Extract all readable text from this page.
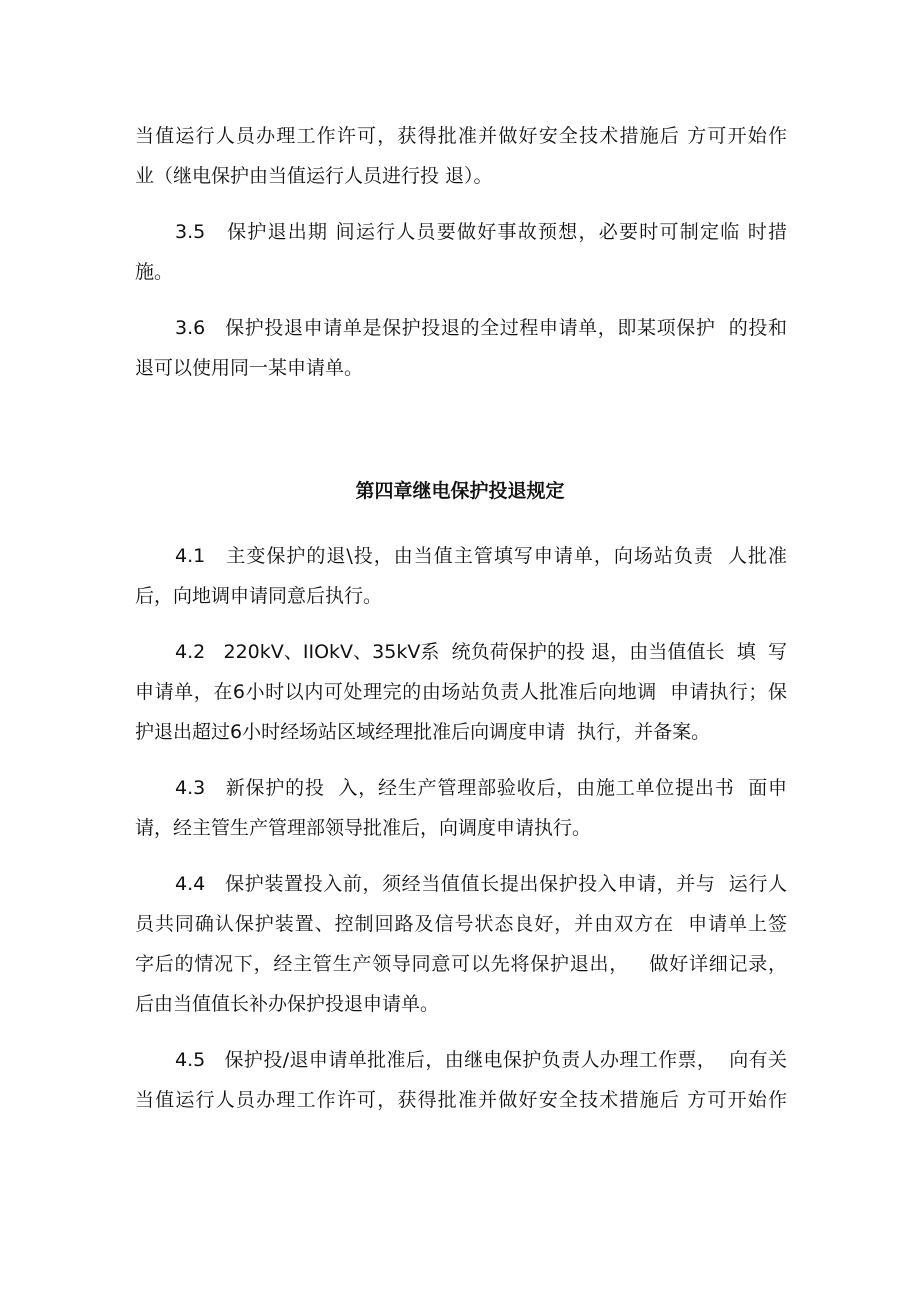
当值运行人员办理工作许可，获得批准并做好安全技术措施后 方可开始作
业（继电保护由当值运行人员进行投 退）。
3.5   保护退出期 间运行人员要做好事故预想，必要时可制定临 时措
施。
3.6   保护投退申请单是保护投退的全过程申请单，即某项保护  的投和
退可以使用同一某申请单。
第四章继电保护投退规定
4.1   主变保护的退\投，由当值主管填写申请单，向场站负责  人批准
后，向地调申请同意后执行。
4.2   220kV、IIOkV、35kV系  统负荷保护的投 退，由当值值长  填  写
申请单，在6小时以内可处理完的由场站负责人批准后向地调  申请执行；保
护退出超过6小时经场站区域经理批准后向调度申请  执行，并备案。
4.3   新保护的投  入，经生产管理部验收后，由施工单位提出书  面申
请，经主管生产管理部领导批准后，向调度申请执行。
4.4   保护装置投入前，须经当值值长提出保护投入申请，并与  运行人
员共同确认保护装置、控制回路及信号状态良好，并由双方在  申请单上签
字后的情况下，经主管生产领导同意可以先将保护退出，   做好详细记录，
后由当值值长补办保护投退申请单。
4.5   保护投/退申请单批准后，由继电保护负责人办理工作票，  向有关
当值运行人员办理工作许可，获得批准并做好安全技术措施后 方可开始作
